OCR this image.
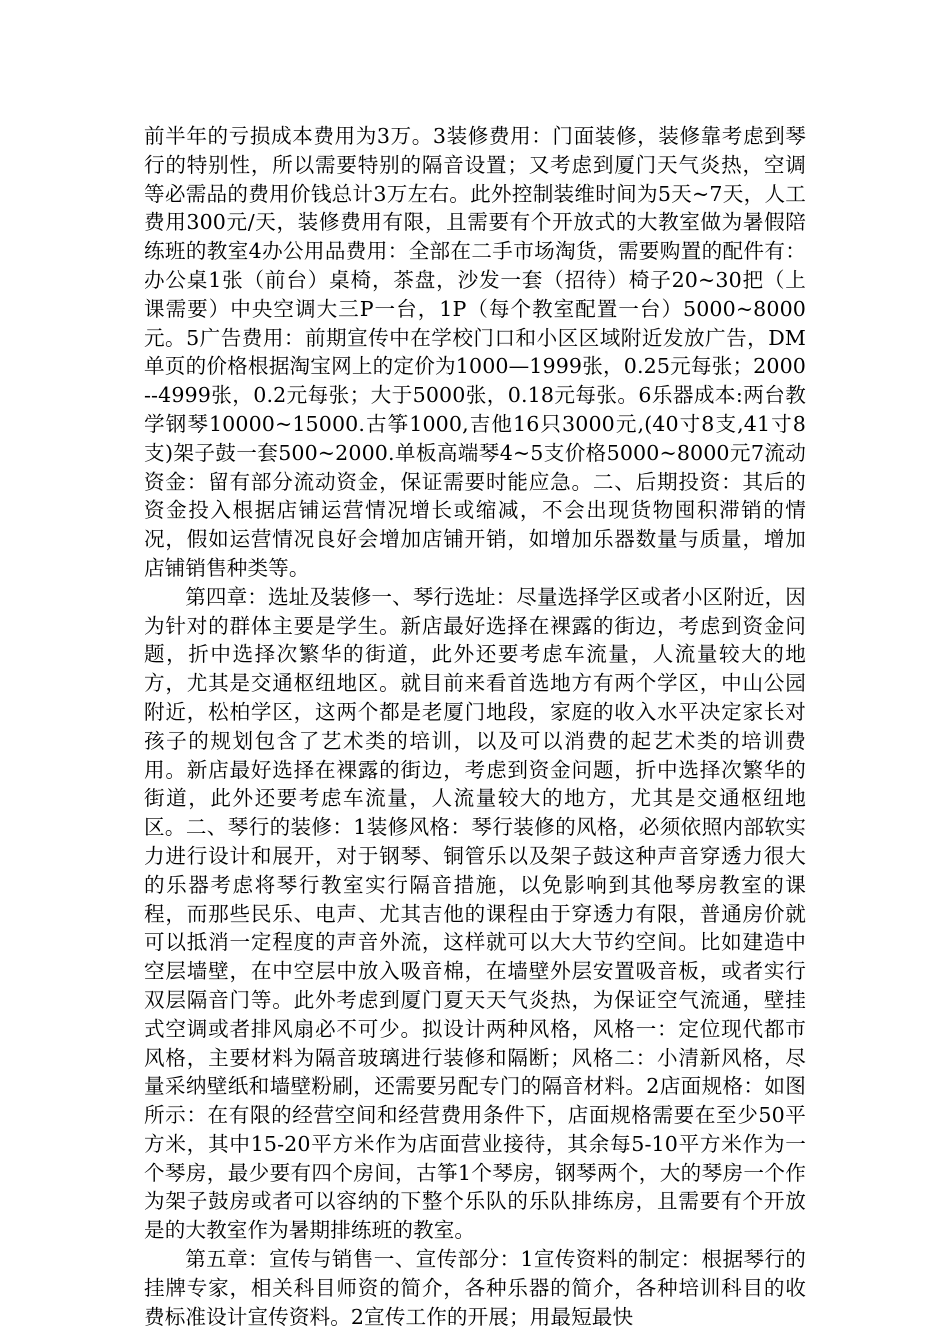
前半年的亏损成本费用为3万。3装修费用：门面装修，装修靠考虑到琴行的特别性，所以需要特别的隔音设置；又考虑到厦门天气炎热，空调等必需品的费用价钱总计3万左右。此外控制装维时间为5天~7天，人工费用300元/天，装修费用有限，且需要有个开放式的大教室做为暑假陪练班的教室4办公用品费用：全部在二手市场淘货，需要购置的配件有：办公桌1张（前台）桌椅，茶盘，沙发一套（招待）椅子20~30把（上课需要）中央空调大三P一台，1P（每个教室配置一台）5000~8000元。5广告费用：前期宣传中在学校门口和小区区域附近发放广告，DM单页的价格根据淘宝网上的定价为1000—1999张，0.25元每张；2000--4999张，0.2元每张；大于5000张，0.18元每张。6乐器成本:两台教学钢琴10000~15000.古筝1000,吉他16只3000元,(40寸8支,41寸8支)架子鼓一套500~2000.单板高端琴4~5支价格5000~8000元7流动资金：留有部分流动资金，保证需要时能应急。二、后期投资：其后的资金投入根据店铺运营情况增长或缩减，不会出现货物囤积滞销的情况，假如运营情况良好会增加店铺开销，如增加乐器数量与质量，增加店铺销售种类等。

第四章：选址及装修一、琴行选址：尽量选择学区或者小区附近，因为针对的群体主要是学生。新店最好选择在裸露的街边，考虑到资金问题，折中选择次繁华的街道，此外还要考虑车流量，人流量较大的地方，尤其是交通枢纽地区。就目前来看首选地方有两个学区，中山公园附近，松柏学区，这两个都是老厦门地段，家庭的收入水平决定家长对孩子的规划包含了艺术类的培训，以及可以消费的起艺术类的培训费用。新店最好选择在裸露的街边，考虑到资金问题，折中选择次繁华的街道，此外还要考虑车流量，人流量较大的地方，尤其是交通枢纽地区。二、琴行的装修：1装修风格：琴行装修的风格，必须依照内部软实力进行设计和展开，对于钢琴、铜管乐以及架子鼓这种声音穿透力很大的乐器考虑将琴行教室实行隔音措施，以免影响到其他琴房教室的课程，而那些民乐、电声、尤其吉他的课程由于穿透力有限，普通房价就可以抵消一定程度的声音外流，这样就可以大大节约空间。比如建造中空层墙壁，在中空层中放入吸音棉，在墙壁外层安置吸音板，或者实行双层隔音门等。此外考虑到厦门夏天天气炎热，为保证空气流通，壁挂式空调或者排风扇必不可少。拟设计两种风格，风格一：定位现代都市风格，主要材料为隔音玻璃进行装修和隔断；风格二：小清新风格，尽量采纳壁纸和墙壁粉刷，还需要另配专门的隔音材料。2店面规格：如图所示：在有限的经营空间和经营费用条件下，店面规格需要在至少50平方米，其中15-20平方米作为店面营业接待，其余每5-10平方米作为一个琴房，最少要有四个房间，古筝1个琴房，钢琴两个，大的琴房一个作为架子鼓房或者可以容纳的下整个乐队的乐队排练房，且需要有个开放是的大教室作为暑期排练班的教室。

第五章：宣传与销售一、宣传部分：1宣传资料的制定：根据琴行的挂牌专家，相关科目师资的简介，各种乐器的简介，各种培训科目的收费标准设计宣传资料。2宣传工作的开展；用最短最快
